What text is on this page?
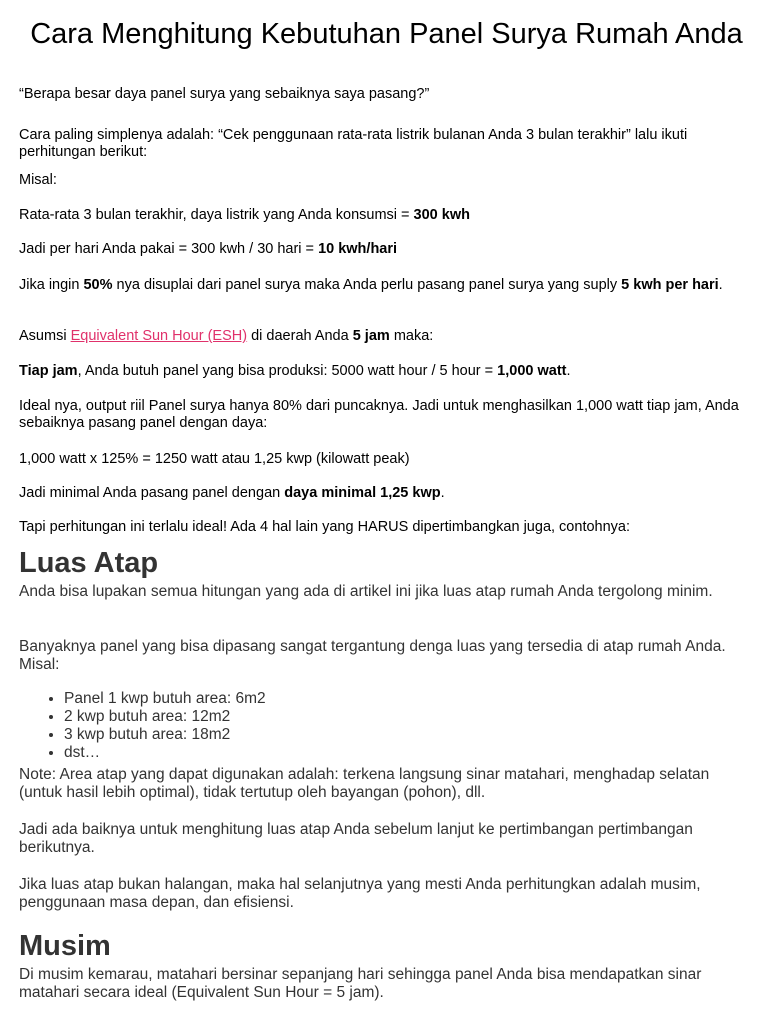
Cara Menghitung Kebutuhan Panel Surya Rumah Anda

“Berapa besar daya panel surya yang sebaiknya saya pasang?”

Cara paling simplenya adalah: “Cek penggunaan rata-rata listrik bulanan Anda 3 bulan terakhir” lalu ikuti perhitungan berikut:

Misal:

Rata-rata 3 bulan terakhir, daya listrik yang Anda konsumsi = 300 kwh

Jadi per hari Anda pakai = 300 kwh / 30 hari = 10 kwh/hari

Jika ingin 50% nya disuplai dari panel surya maka Anda perlu pasang panel surya yang suply 5 kwh per hari.

Asumsi Equivalent Sun Hour (ESH) di daerah Anda 5 jam maka:

Tiap jam, Anda butuh panel yang bisa produksi: 5000 watt hour / 5 hour = 1,000 watt.

Ideal nya, output riil Panel surya hanya 80% dari puncaknya. Jadi untuk menghasilkan 1,000 watt tiap jam, Anda sebaiknya pasang panel dengan daya:

1,000 watt x 125% = 1250 watt atau 1,25 kwp (kilowatt peak)

Jadi minimal Anda pasang panel dengan daya minimal 1,25 kwp.

Tapi perhitungan ini terlalu ideal! Ada 4 hal lain yang HARUS dipertimbangkan juga, contohnya:

Luas Atap

Anda bisa lupakan semua hitungan yang ada di artikel ini jika luas atap rumah Anda tergolong minim.

Banyaknya panel yang bisa dipasang sangat tergantung denga luas yang tersedia di atap rumah Anda. Misal:

• Panel 1 kwp butuh area: 6m2
• 2 kwp butuh area: 12m2
• 3 kwp butuh area: 18m2
• dst…

Note: Area atap yang dapat digunakan adalah: terkena langsung sinar matahari, menghadap selatan (untuk hasil lebih optimal), tidak tertutup oleh bayangan (pohon), dll.

Jadi ada baiknya untuk menghitung luas atap Anda sebelum lanjut ke pertimbangan pertimbangan berikutnya.

Jika luas atap bukan halangan, maka hal selanjutnya yang mesti Anda perhitungkan adalah musim, penggunaan masa depan, dan efisiensi.

Musim

Di musim kemarau, matahari bersinar sepanjang hari sehingga panel Anda bisa mendapatkan sinar matahari secara ideal (Equivalent Sun Hour = 5 jam).
